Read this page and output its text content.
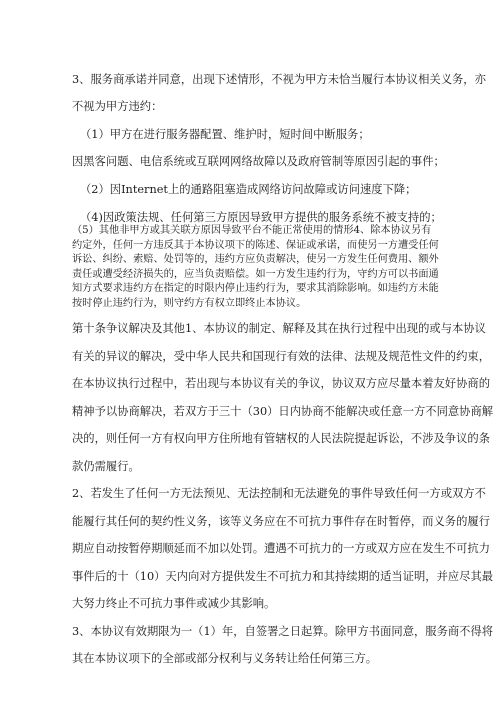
3、服务商承诺并同意，出现下述情形，不视为甲方未恰当履行本协议相关义务，亦
不视为甲方违约：
（1）甲方在进行服务器配置、维护时，短时间中断服务；
因黑客问题、电信系统或互联网网络故障以及政府管制等原因引起的事件；
（2）因Internet上的通路阻塞造成网络访问故障或访问速度下降；
（4)因政策法规、任何第三方原因导致甲方提供的服务系统不被支持的；
（5）其他非甲方或其关联方原因导致平台不能正常使用的情形4、除本协议另有
约定外，任何一方违反其于本协议项下的陈述、保证或承诺，而使另一方遭受任何
诉讼、纠纷、索赔、处罚等的，违约方应负责解决，使另一方发生任何费用、额外
责任或遭受经济损失的，应当负责赔偿。如一方发生违约行为，守约方可以书面通
知方式要求违约方在指定的时限内停止违约行为，要求其消除影响。如违约方未能
按时停止违约行为，则守约方有权立即终止本协议。
第十条争议解决及其他1、本协议的制定、解释及其在执行过程中出现的或与本协议
有关的异议的解决，受中华人民共和国现行有效的法律、法规及规范性文件的约束，
在本协议执行过程中，若出现与本协议有关的争议，协议双方应尽量本着友好协商的
精神予以协商解决，若双方于三十（30）日内协商不能解决或任意一方不同意协商解
决的，则任何一方有权向甲方住所地有管辖权的人民法院提起诉讼，不涉及争议的条
款仍需履行。
2、若发生了任何一方无法预见、无法控制和无法避免的事件导致任何一方或双方不
能履行其任何的契约性义务，该等义务应在不可抗力事件存在时暂停，而义务的履行
期应自动按暂停期顺延而不加以处罚。遭遇不可抗力的一方或双方应在发生不可抗力
事件后的十（10）天内向对方提供发生不可抗力和其持续期的适当证明，并应尽其最
大努力终止不可抗力事件或减少其影响。
3、本协议有效期限为一（1）年，自签署之日起算。除甲方书面同意，服务商不得将
其在本协议项下的全部或部分权利与义务转让给任何第三方。
